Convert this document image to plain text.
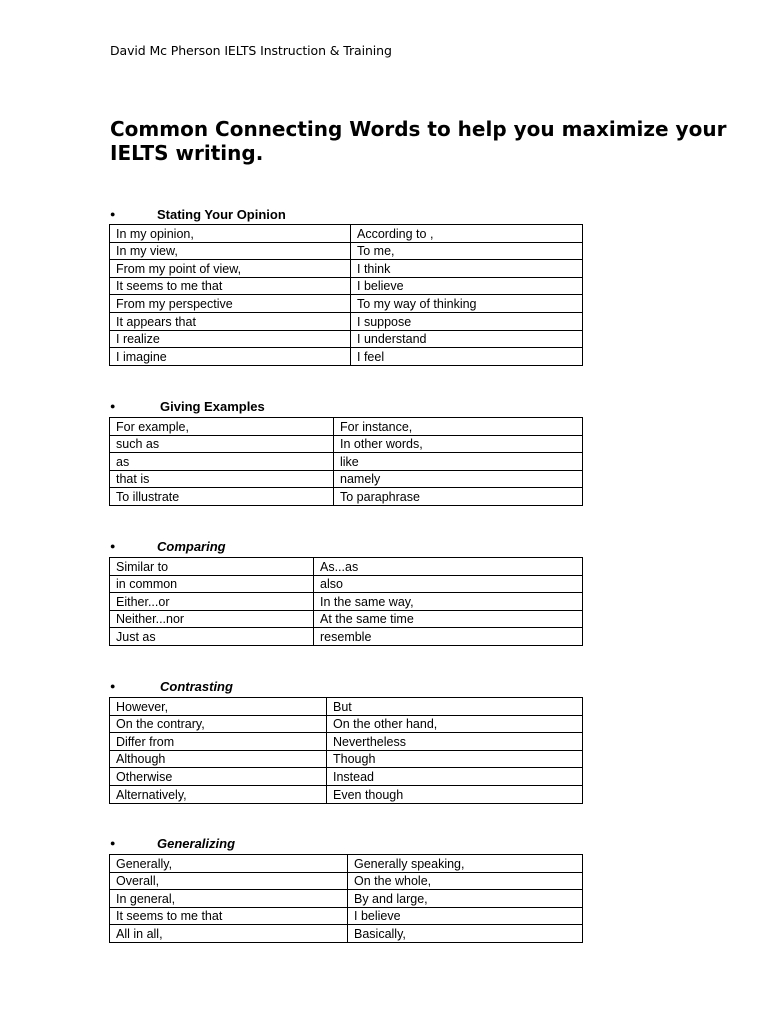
David Mc Pherson IELTS Instruction & Training
Common Connecting Words to help you maximize your IELTS writing.
●	Stating Your Opinion
In my opinion,	According to ,
In my view,	To me,
From my point of view,	I think
It seems to me that	I believe
From my perspective	To my way of thinking
It appears that	I suppose
I realize	I understand
I imagine	I feel
●	Giving Examples
For example,	For instance,
such as	In other words,
as	like
that is	namely
To illustrate	To paraphrase
●	Comparing
Similar to	As...as
in common	also
Either...or	In the same way,
Neither...nor	At the same time
Just as	resemble
●	Contrasting
However,	But
On the contrary,	On the other hand,
Differ from	Nevertheless
Although	Though
Otherwise	Instead
Alternatively,	Even though
●	Generalizing
Generally,	Generally speaking,
Overall,	On the whole,
In general,	By and large,
It seems to me that	I believe
All in all,	Basically,
